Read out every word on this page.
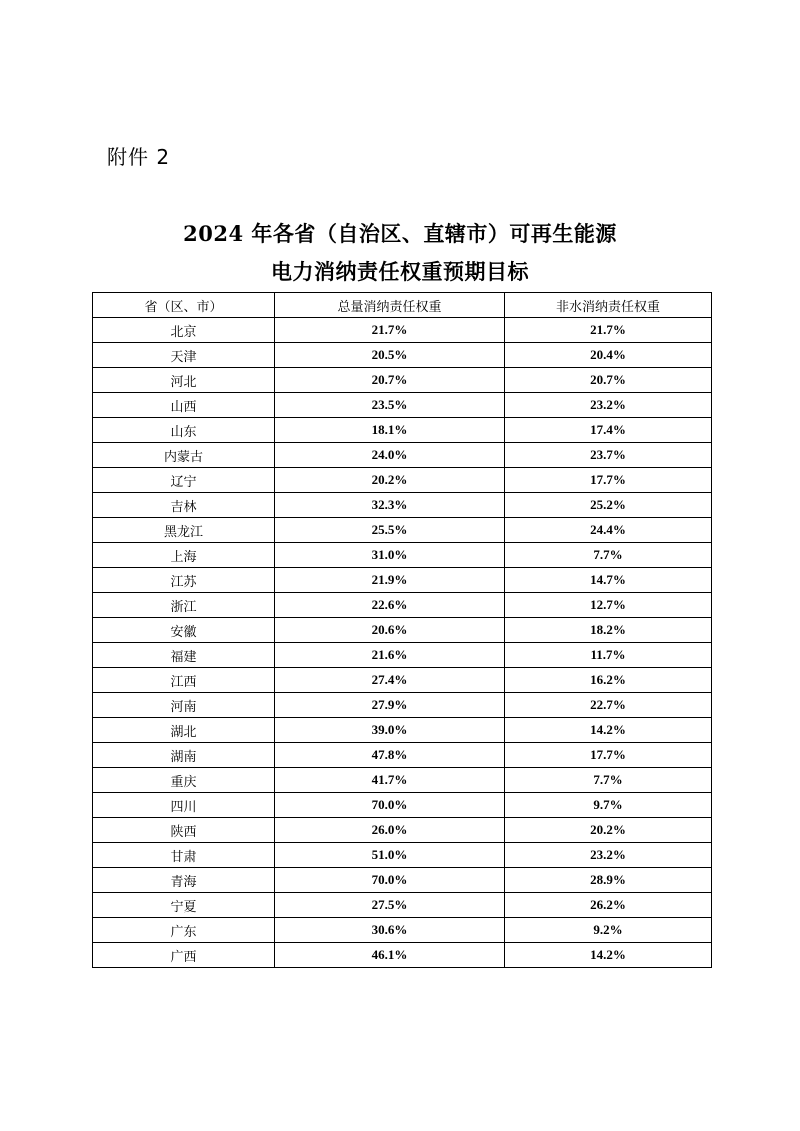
附件 2
2024 年各省（自治区、直辖市）可再生能源
电力消纳责任权重预期目标
省（区、市）	总量消纳责任权重	非水消纳责任权重
北京	21.7%	21.7%
天津	20.5%	20.4%
河北	20.7%	20.7%
山西	23.5%	23.2%
山东	18.1%	17.4%
内蒙古	24.0%	23.7%
辽宁	20.2%	17.7%
吉林	32.3%	25.2%
黑龙江	25.5%	24.4%
上海	31.0%	7.7%
江苏	21.9%	14.7%
浙江	22.6%	12.7%
安徽	20.6%	18.2%
福建	21.6%	11.7%
江西	27.4%	16.2%
河南	27.9%	22.7%
湖北	39.0%	14.2%
湖南	47.8%	17.7%
重庆	41.7%	7.7%
四川	70.0%	9.7%
陕西	26.0%	20.2%
甘肃	51.0%	23.2%
青海	70.0%	28.9%
宁夏	27.5%	26.2%
广东	30.6%	9.2%
广西	46.1%	14.2%
